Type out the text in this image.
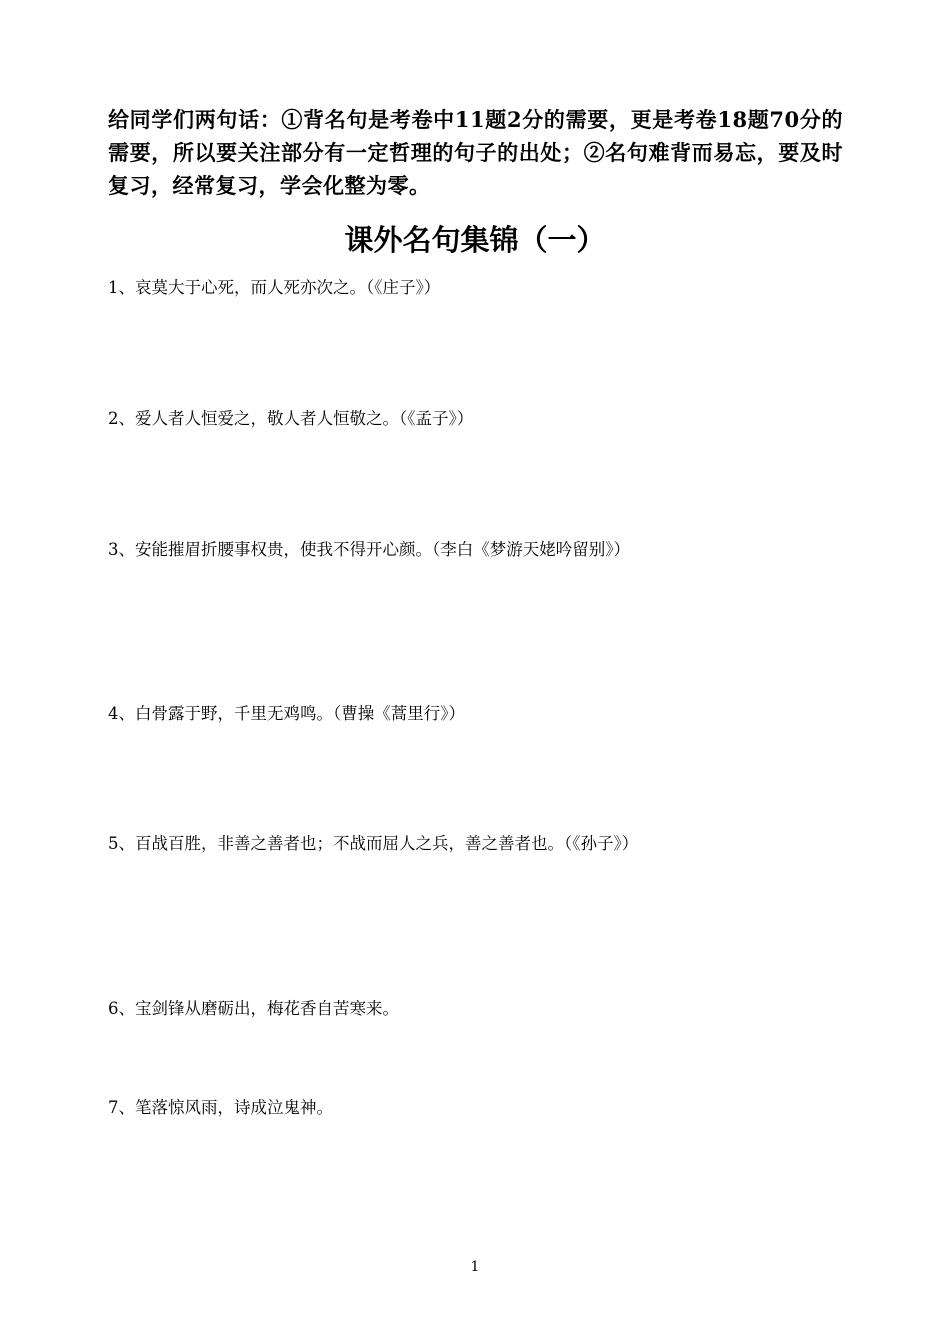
给同学们两句话：①背名句是考卷中11题2分的需要，更是考卷18题70分的需要，所以要关注部分有一定哲理的句子的出处；②名句难背而易忘，要及时复习，经常复习，学会化整为零。
课外名句集锦（一）
1、哀莫大于心死，而人死亦次之。（《庄子》）
2、爱人者人恒爱之，敬人者人恒敬之。（《孟子》）
3、安能摧眉折腰事权贵，使我不得开心颜。（李白《梦游天姥吟留别》）
4、白骨露于野，千里无鸡鸣。（曹操《蒿里行》）
5、百战百胜，非善之善者也；不战而屈人之兵，善之善者也。（《孙子》）
6、宝剑锋从磨砺出，梅花香自苦寒来。
7、笔落惊风雨，诗成泣鬼神。
1
